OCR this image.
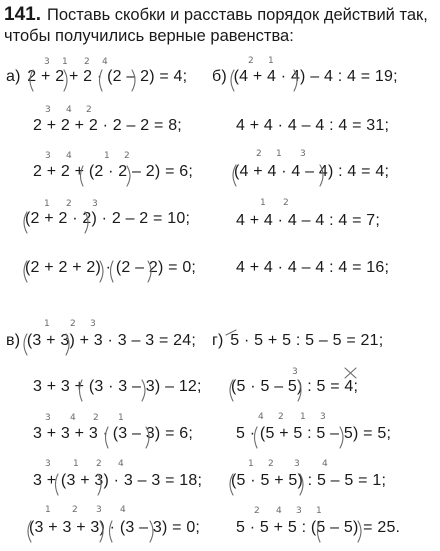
141. Поставь скобки и расставь порядок действий так, чтобы получились верные равенства:
а) 2 + 2 + 2 · (2 – 2) = 4;
2 + 2 + 2 · 2 – 2 = 8;
2 + 2 + (2 · 2 – 2) = 6;
(2 + 2 · 2) · 2 – 2 = 10;
(2 + 2 + 2) · (2 – 2) = 0;
б) (4 + 4 · 4) – 4 : 4 = 19;
4 + 4 · 4 – 4 : 4 = 31;
(4 + 4 · 4 – 4) : 4 = 4;
4 + 4 · 4 – 4 : 4 = 7;
4 + 4 · 4 – 4 : 4 = 16;
в) (3 + 3) + 3 · 3 – 3 = 24;
3 + 3 + (3 · 3 – 3) – 12;
3 + 3 + 3 · (3 – 3) = 6;
3 + (3 + 3) · 3 – 3 = 18;
(3 + 3 + 3) · (3 – 3) = 0;
г) 5 · 5 + 5 : 5 – 5 = 21;
(5 · 5 – 5) : 5 = 4;
5 · (5 + 5 : 5 – 5) = 5;
(5 · 5 + 5) : 5 – 5 = 1;
5 · 5 + 5 : (5 – 5) = 25.
3 1 2 4
3 4 2
3 4	1 2
1 2 3
2 1
2 1 3
1 2
1 2 3
3 4 2 1
3 1 2 4
1 2 3 4
4 2 1 3
1 2 3 4
2 4 3 1
3
